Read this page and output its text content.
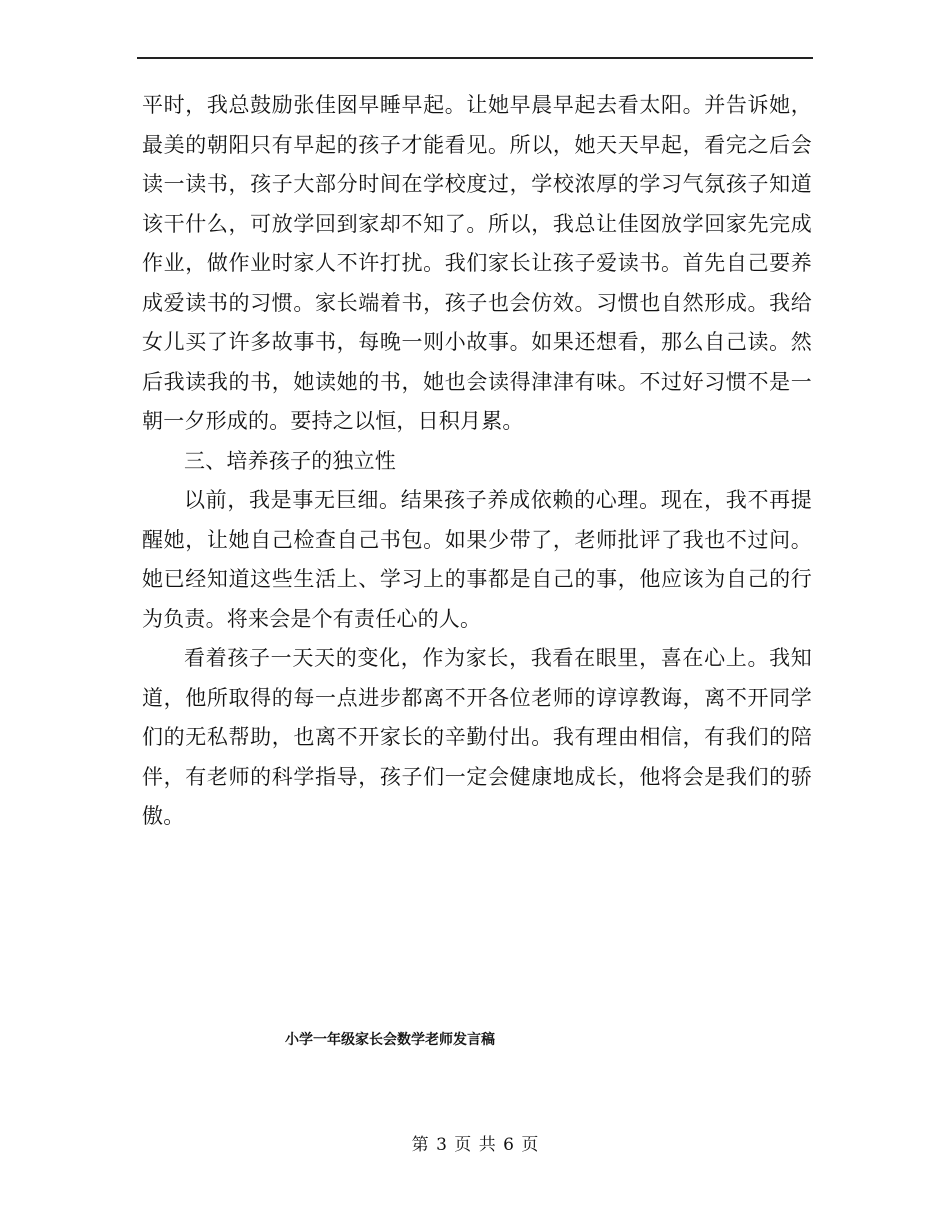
平时，我总鼓励张佳囡早睡早起。让她早晨早起去看太阳。并告诉她，最美的朝阳只有早起的孩子才能看见。所以，她天天早起，看完之后会读一读书，孩子大部分时间在学校度过，学校浓厚的学习气氛孩子知道该干什么，可放学回到家却不知了。所以，我总让佳囡放学回家先完成作业，做作业时家人不许打扰。我们家长让孩子爱读书。首先自己要养成爱读书的习惯。家长端着书，孩子也会仿效。习惯也自然形成。我给女儿买了许多故事书，每晚一则小故事。如果还想看，那么自己读。然后我读我的书，她读她的书，她也会读得津津有味。不过好习惯不是一朝一夕形成的。要持之以恒，日积月累。

三、培养孩子的独立性

以前，我是事无巨细。结果孩子养成依赖的心理。现在，我不再提醒她，让她自己检查自己书包。如果少带了，老师批评了我也不过问。她已经知道这些生活上、学习上的事都是自己的事，他应该为自己的行为负责。将来会是个有责任心的人。

看着孩子一天天的变化，作为家长，我看在眼里，喜在心上。我知道，他所取得的每一点进步都离不开各位老师的谆谆教诲，离不开同学们的无私帮助，也离不开家长的辛勤付出。我有理由相信，有我们的陪伴，有老师的科学指导，孩子们一定会健康地成长，他将会是我们的骄傲。

小学一年级家长会数学老师发言稿
第 3 页 共 6 页
